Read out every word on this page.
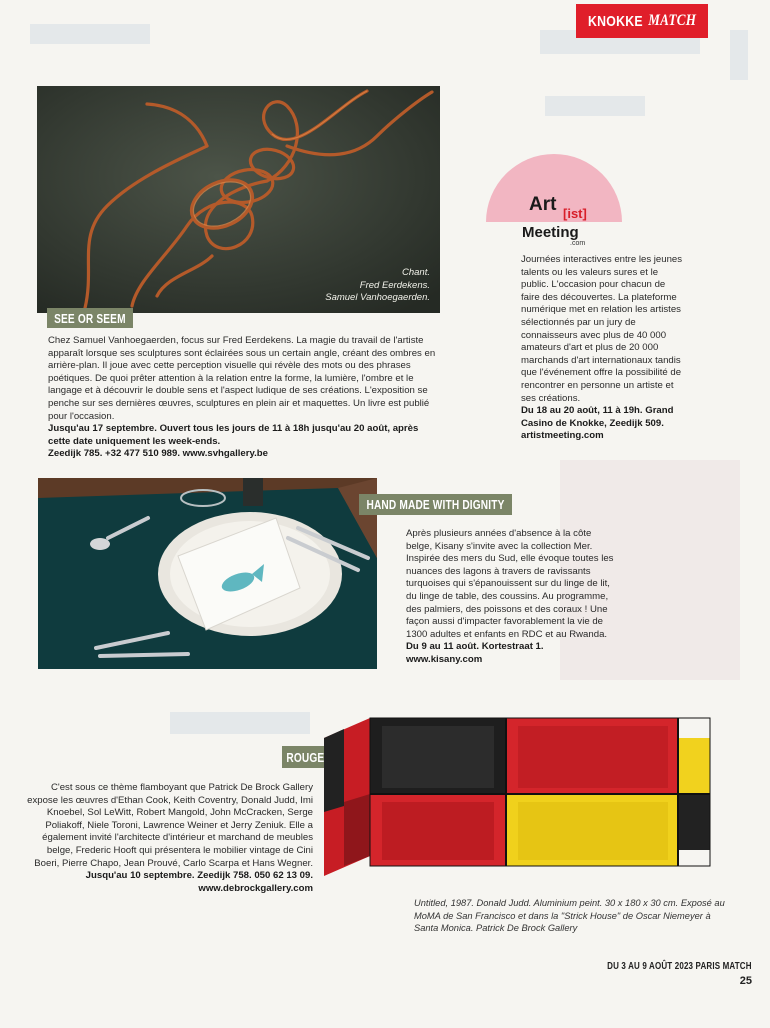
KNOKKE MATCH
Chant.
Fred Eerdekens.
Samuel Vanhoegaerden.
SEE OR SEEM
Chez Samuel Vanhoegaerden, focus sur Fred Eerdekens. La magie du travail de l'artiste apparaît lorsque ses sculptures sont éclairées sous un certain angle, créant des ombres en arrière-plan. Il joue avec cette perception visuelle qui révèle des mots ou des phrases poétiques. De quoi prêter attention à la relation entre la forme, la lumière, l'ombre et le langage et à découvrir le double sens et l'aspect ludique de ses créations. L'exposition se penche sur ses dernières œuvres, sculptures en plein air et maquettes. Un livre est publié pour l'occasion.
Jusqu'au 17 septembre. Ouvert tous les jours de 11 à 18h jusqu'au 20 août, après cette date uniquement les week-ends.
Zeedijk 785. +32 477 510 989. www.svhgallery.be
Art [ist]
Meeting
.com
Journées interactives entre les jeunes talents ou les valeurs sures et le public. L'occasion pour chacun de faire des découvertes. La plateforme numérique met en relation les artistes sélectionnés par un jury de connaisseurs avec plus de 40 000 amateurs d'art et plus de 20 000 marchands d'art internationaux tandis que l'événement offre la possibilité de rencontrer en personne un artiste et ses créations.
Du 18 au 20 août, 11 à 19h. Grand Casino de Knokke, Zeedijk 509.
artistmeeting.com
HAND MADE WITH DIGNITY
Après plusieurs années d'absence à la côte belge, Kisany s'invite avec la collection Mer. Inspirée des mers du Sud, elle évoque toutes les nuances des lagons à travers de ravissants turquoises qui s'épanouissent sur du linge de lit, du linge de table, des coussins. Au programme, des palmiers, des poissons et des coraux ! Une façon aussi d'impacter favorablement la vie de 1300 adultes et enfants en RDC et au Rwanda.
Du 9 au 11 août. Kortestraat 1.
www.kisany.com
ROUGE
C'est sous ce thème flamboyant que Patrick De Brock Gallery expose les œuvres d'Ethan Cook, Keith Coventry, Donald Judd, Imi Knoebel, Sol LeWitt, Robert Mangold, John McCracken, Serge Poliakoff, Niele Toroni, Lawrence Weiner et Jerry Zeniuk. Elle a également invité l'architecte d'intérieur et marchand de meubles belge, Frederic Hooft qui présentera le mobilier vintage de Cini Boeri, Pierre Chapo, Jean Prouvé, Carlo Scarpa et Hans Wegner.
Jusqu'au 10 septembre. Zeedijk 758. 050 62 13 09.
www.debrockgallery.com
Untitled, 1987. Donald Judd. Aluminium peint. 30 x 180 x 30 cm. Exposé au MoMA de San Francisco et dans la "Strick House" de Oscar Niemeyer à Santa Monica. Patrick De Brock Gallery
DU 3 AU 9 AOÛT 2023 PARIS MATCH
25
